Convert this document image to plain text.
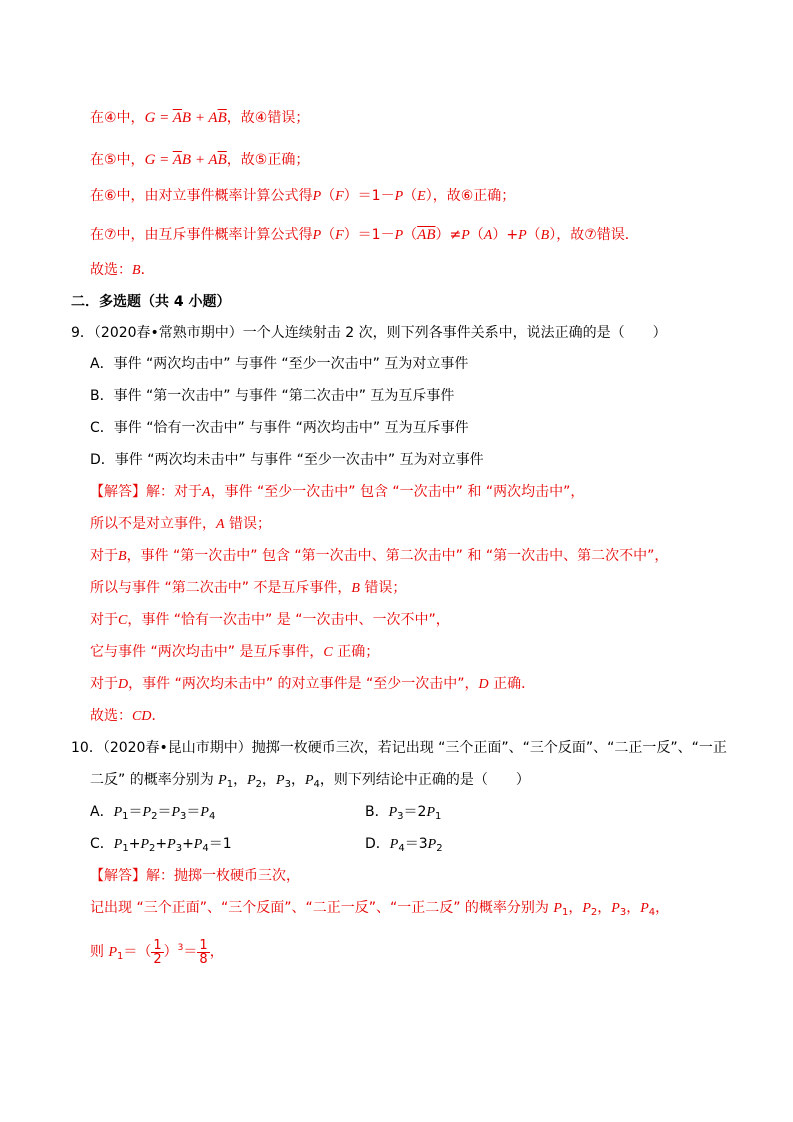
在④中，$G = \overline{A}B + A\overline{B}$，故④错误；
在⑤中，$G = \overline{A}B + A\overline{B}$，故⑤正确；
在⑥中，由对立事件概率计算公式得P（F）＝1－P（E），故⑥正确；
在⑦中，由互斥事件概率计算公式得$P(F)=1-P(\overline{AB})\ne P(A)+P(B)$，故⑦错误．
故选：B．
二．多选题（共 4 小题）
9．（2020春•常熟市期中）一个人连续射击 2 次，则下列各事件关系中，说法正确的是（　　）
A．事件 “两次均击中” 与事件 “至少一次击中” 互为对立事件
B．事件 “第一次击中” 与事件 “第二次击中” 互为互斥事件
C．事件 “恰有一次击中” 与事件 “两次均击中” 互为互斥事件
D．事件 “两次均未击中” 与事件 “至少一次击中” 互为对立事件
【解答】解：对于A，事件 “至少一次击中” 包含 “一次击中” 和 “两次均击中”，
所以不是对立事件，A 错误；
对于B，事件 “第一次击中” 包含 “第一次击中、第二次击中” 和 “第一次击中、第二次不中”，
所以与事件 “第二次击中” 不是互斥事件，B 错误；
对于C，事件 “恰有一次击中” 是 “一次击中、一次不中”，
它与事件 “两次均击中” 是互斥事件，C 正确；
对于D，事件 “两次均未击中” 的对立事件是 “至少一次击中”，D 正确．
故选：CD．
10．（2020春•昆山市期中）抛掷一枚硬币三次，若记出现 “三个正面”、“三个反面”、“二正一反”、“一正
二反” 的概率分别为 $P_1$，$P_2$，$P_3$，$P_4$，则下列结论中正确的是（　　）
A．$P_1=P_2=P_3=P_4$	B．$P_3=2P_1$
C．$P_1+P_2+P_3+P_4=1$	D．$P_4=3P_2$
【解答】解：抛掷一枚硬币三次，
记出现 “三个正面”、“三个反面”、“二正一反”、“一正二反” 的概率分别为 $P_1$，$P_2$，$P_3$，$P_4$，
则 $P_1=( \frac{1}{2} )^3= \frac{1}{8}$ ，
